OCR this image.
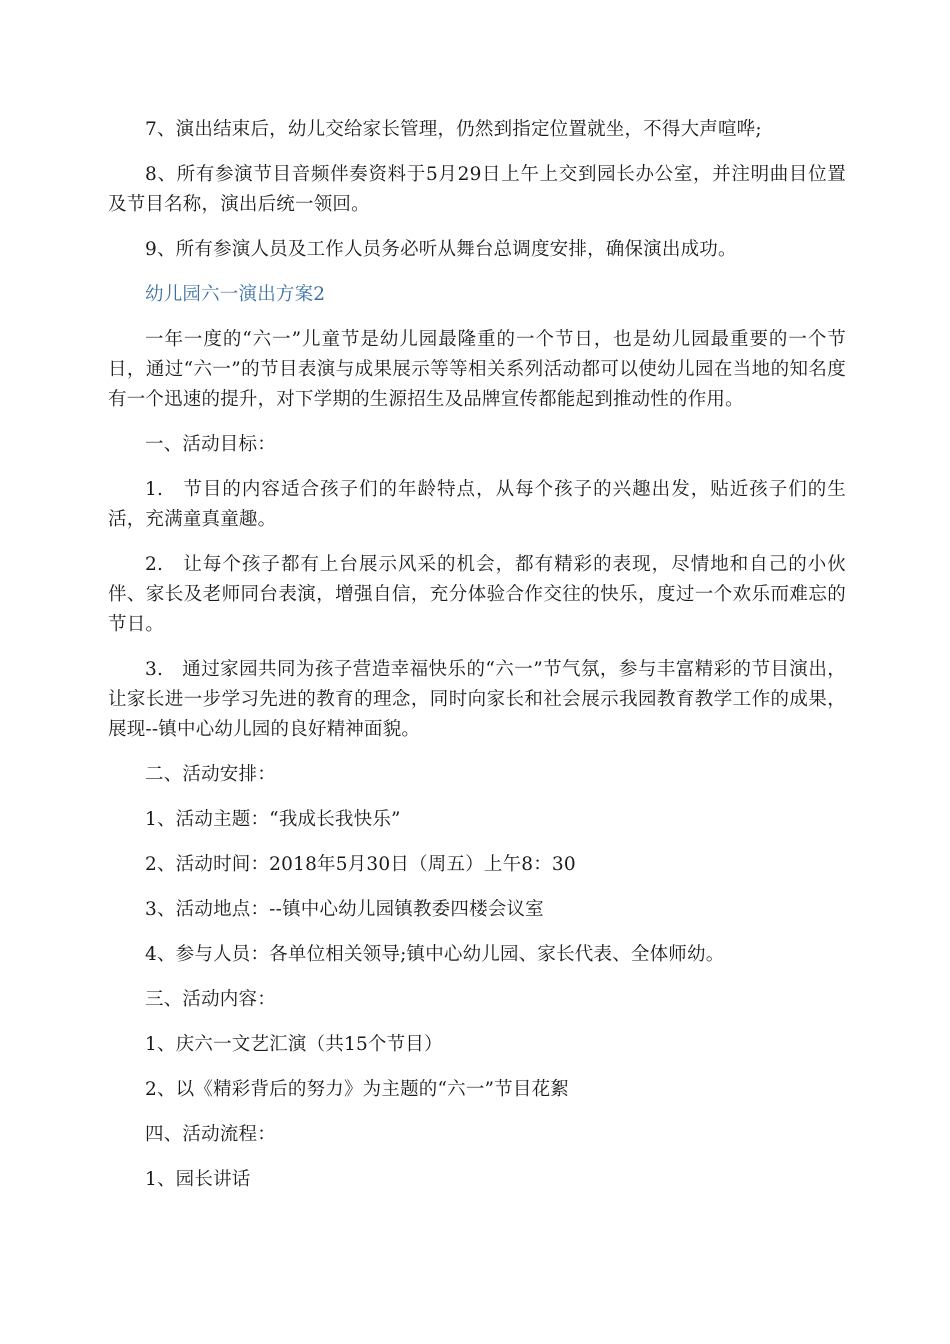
7、演出结束后，幼儿交给家长管理，仍然到指定位置就坐，不得大声喧哗;

8、所有参演节目音频伴奏资料于5月29日上午上交到园长办公室，并注明曲目位置及节目名称，演出后统一领回。

9、所有参演人员及工作人员务必听从舞台总调度安排，确保演出成功。

幼儿园六一演出方案2

一年一度的“六一”儿童节是幼儿园最隆重的一个节日，也是幼儿园最重要的一个节日，通过“六一”的节目表演与成果展示等等相关系列活动都可以使幼儿园在当地的知名度有一个迅速的提升，对下学期的生源招生及品牌宣传都能起到推动性的作用。

一、活动目标：

1.　节目的内容适合孩子们的年龄特点，从每个孩子的兴趣出发，贴近孩子们的生活，充满童真童趣。

2.　让每个孩子都有上台展示风采的机会，都有精彩的表现，尽情地和自己的小伙伴、家长及老师同台表演，增强自信，充分体验合作交往的快乐，度过一个欢乐而难忘的节日。

3.　通过家园共同为孩子营造幸福快乐的“六一”节气氛，参与丰富精彩的节目演出，让家长进一步学习先进的教育的理念，同时向家长和社会展示我园教育教学工作的成果，展现--镇中心幼儿园的良好精神面貌。

二、活动安排：

1、活动主题：“我成长我快乐”

2、活动时间：2018年5月30日（周五）上午8：30

3、活动地点：--镇中心幼儿园镇教委四楼会议室

4、参与人员：各单位相关领导;镇中心幼儿园、家长代表、全体师幼。

三、活动内容：

1、庆六一文艺汇演（共15个节目）

2、以《精彩背后的努力》为主题的“六一”节目花絮

四、活动流程：

1、园长讲话
